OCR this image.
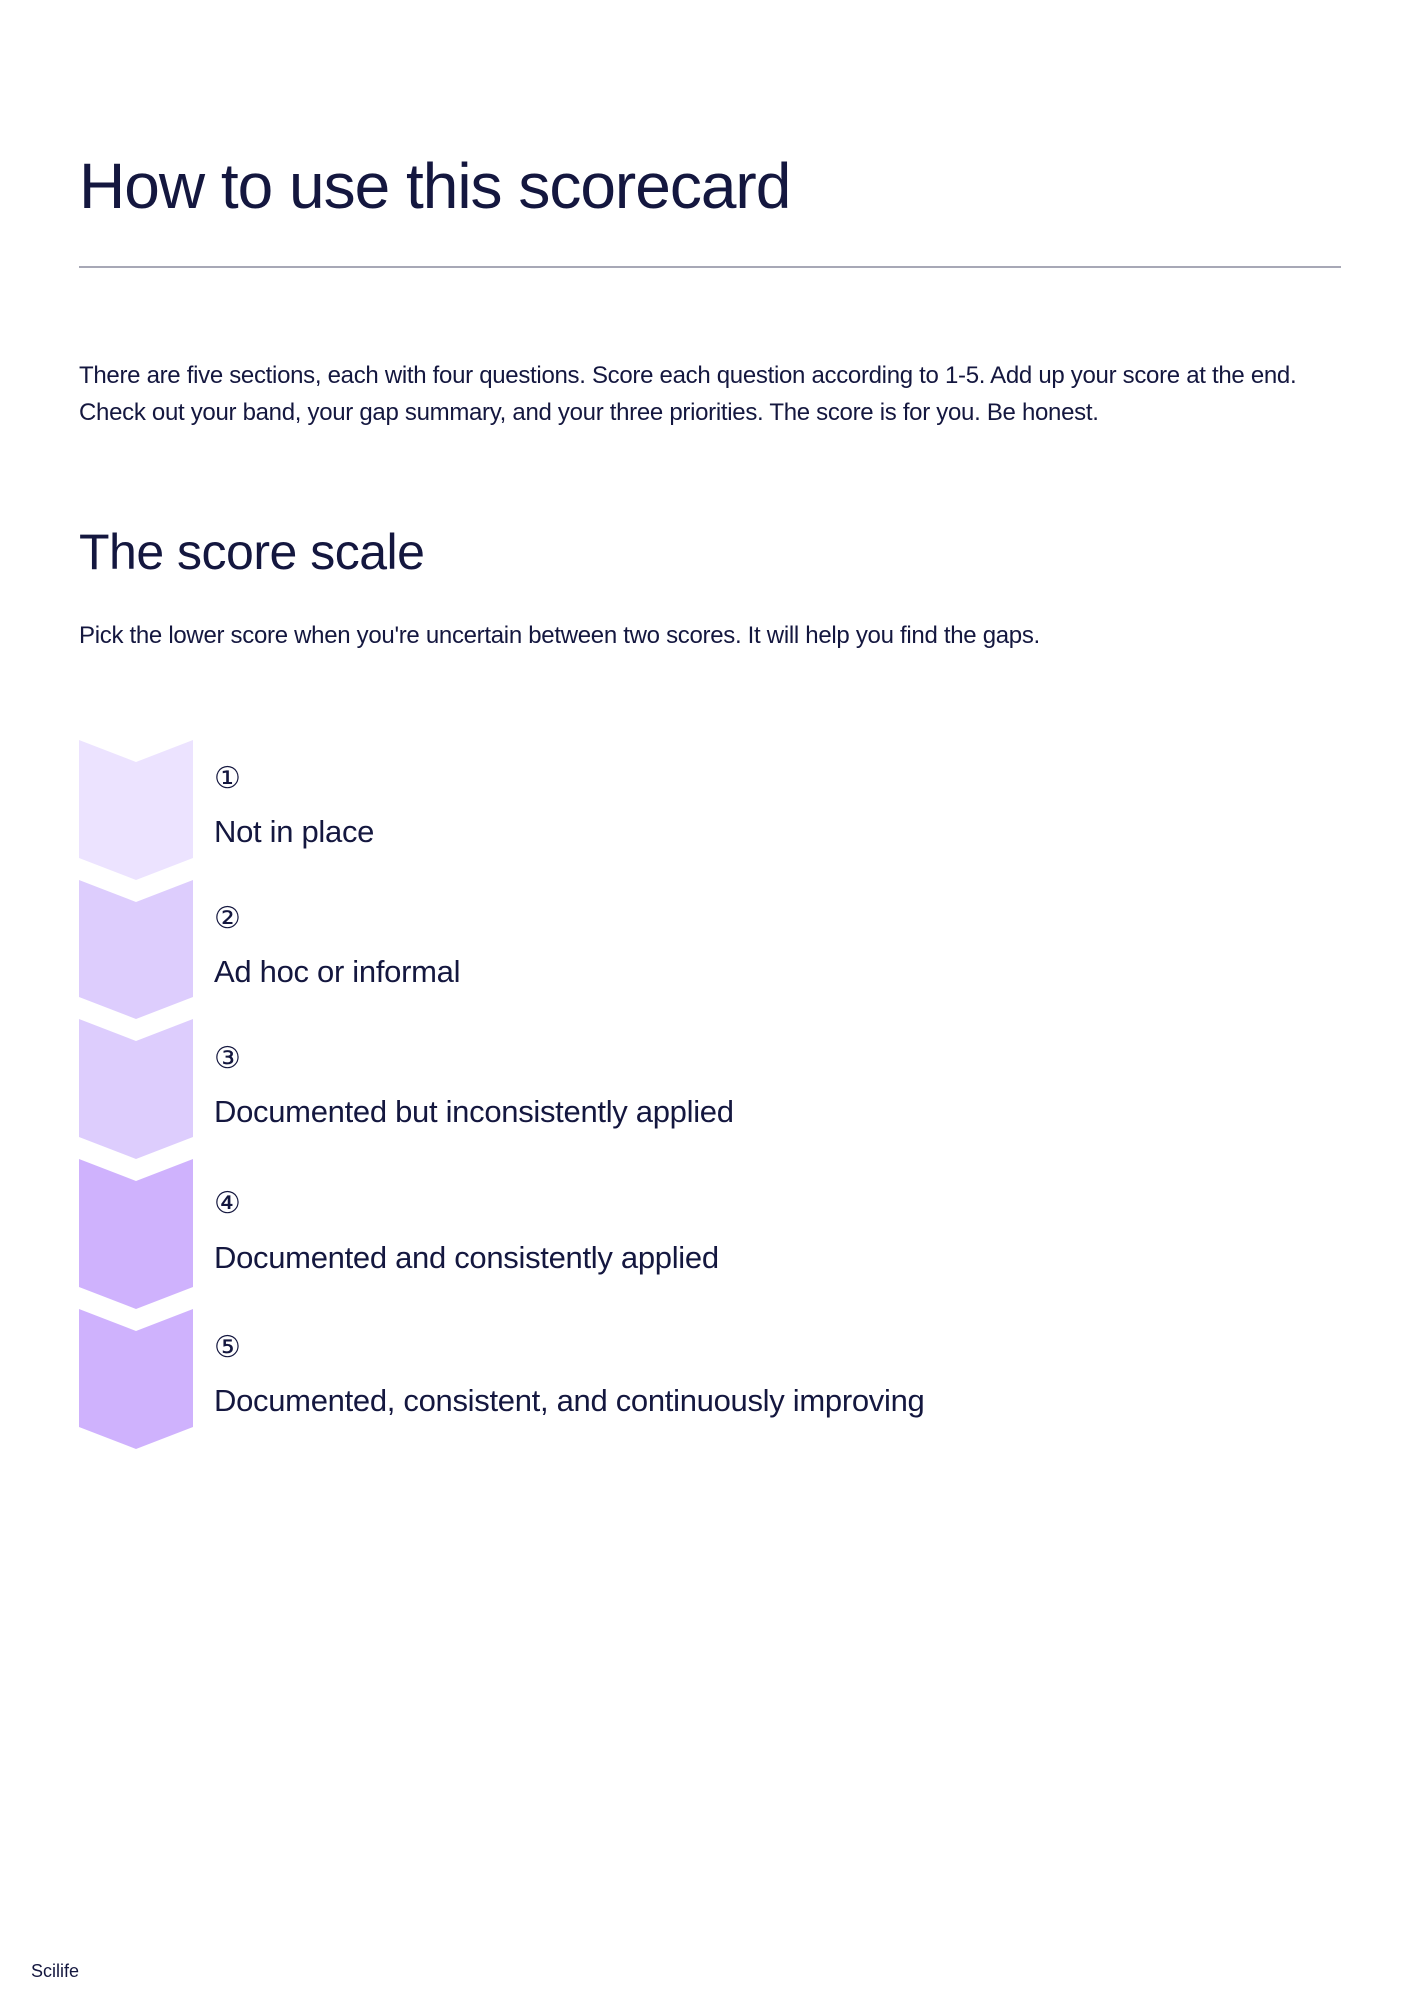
How to use this scorecard

There are five sections, each with four questions. Score each question according to 1-5. Add up your score at the end. Check out your band, your gap summary, and your three priorities. The score is for you. Be honest.

The score scale

Pick the lower score when you're uncertain between two scores. It will help you find the gaps.

①
Not in place
②
Ad hoc or informal
③
Documented but inconsistently applied
④
Documented and consistently applied
⑤
Documented, consistent, and continuously improving
Scilife
